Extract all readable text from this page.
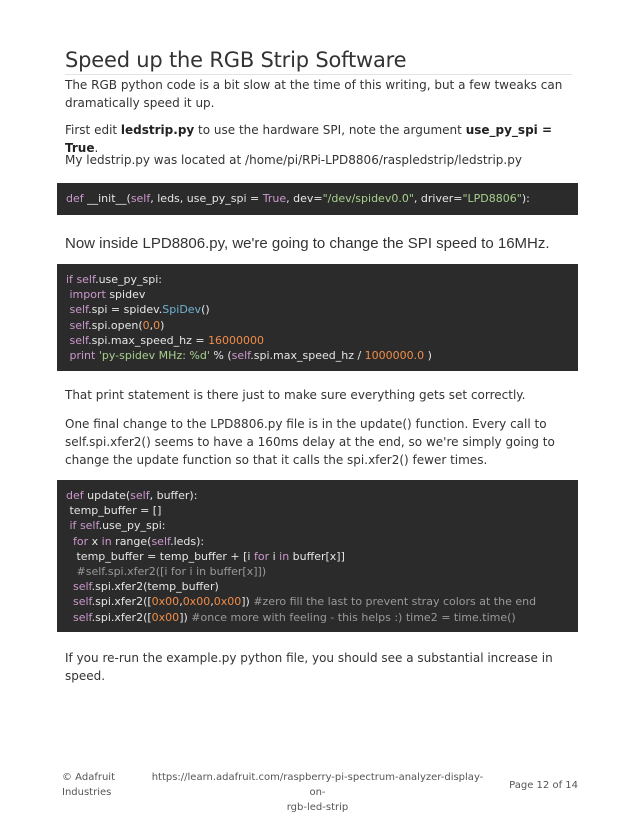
Speed up the RGB Strip Software

The RGB python code is a bit slow at the time of this writing, but a few tweaks can dramatically speed it up.

First edit ledstrip.py to use the hardware SPI, note the argument use_py_spi = True.

My ledstrip.py was located at /home/pi/RPi-LPD8806/raspledstrip/ledstrip.py

def __init__(self, leds, use_py_spi = True, dev="/dev/spidev0.0", driver="LPD8806"):

Now inside LPD8806.py, we're going to change the SPI speed to 16MHz.

if self.use_py_spi:
import spidev
self.spi = spidev.SpiDev()
self.spi.open(0,0)
self.spi.max_speed_hz = 16000000
print 'py-spidev MHz: %d' % (self.spi.max_speed_hz / 1000000.0 )

That print statement is there just to make sure everything gets set correctly.

One final change to the LPD8806.py file is in the update() function. Every call to self.spi.xfer2() seems to have a 160ms delay at the end, so we're simply going to change the update function so that it calls the spi.xfer2() fewer times.

def update(self, buffer):
temp_buffer = []
if self.use_py_spi:
for x in range(self.leds):
temp_buffer = temp_buffer + [i for i in buffer[x]]
#self.spi.xfer2([i for i in buffer[x]])
self.spi.xfer2(temp_buffer)
self.spi.xfer2([0x00,0x00,0x00]) #zero fill the last to prevent stray colors at the end
self.spi.xfer2([0x00]) #once more with feeling - this helps :) time2 = time.time()

If you re-run the example.py python file, you should see a substantial increase in speed.

© Adafruit
Industries
https://learn.adafruit.com/raspberry-pi-spectrum-analyzer-display-on-
rgb-led-strip
Page 12 of 14
